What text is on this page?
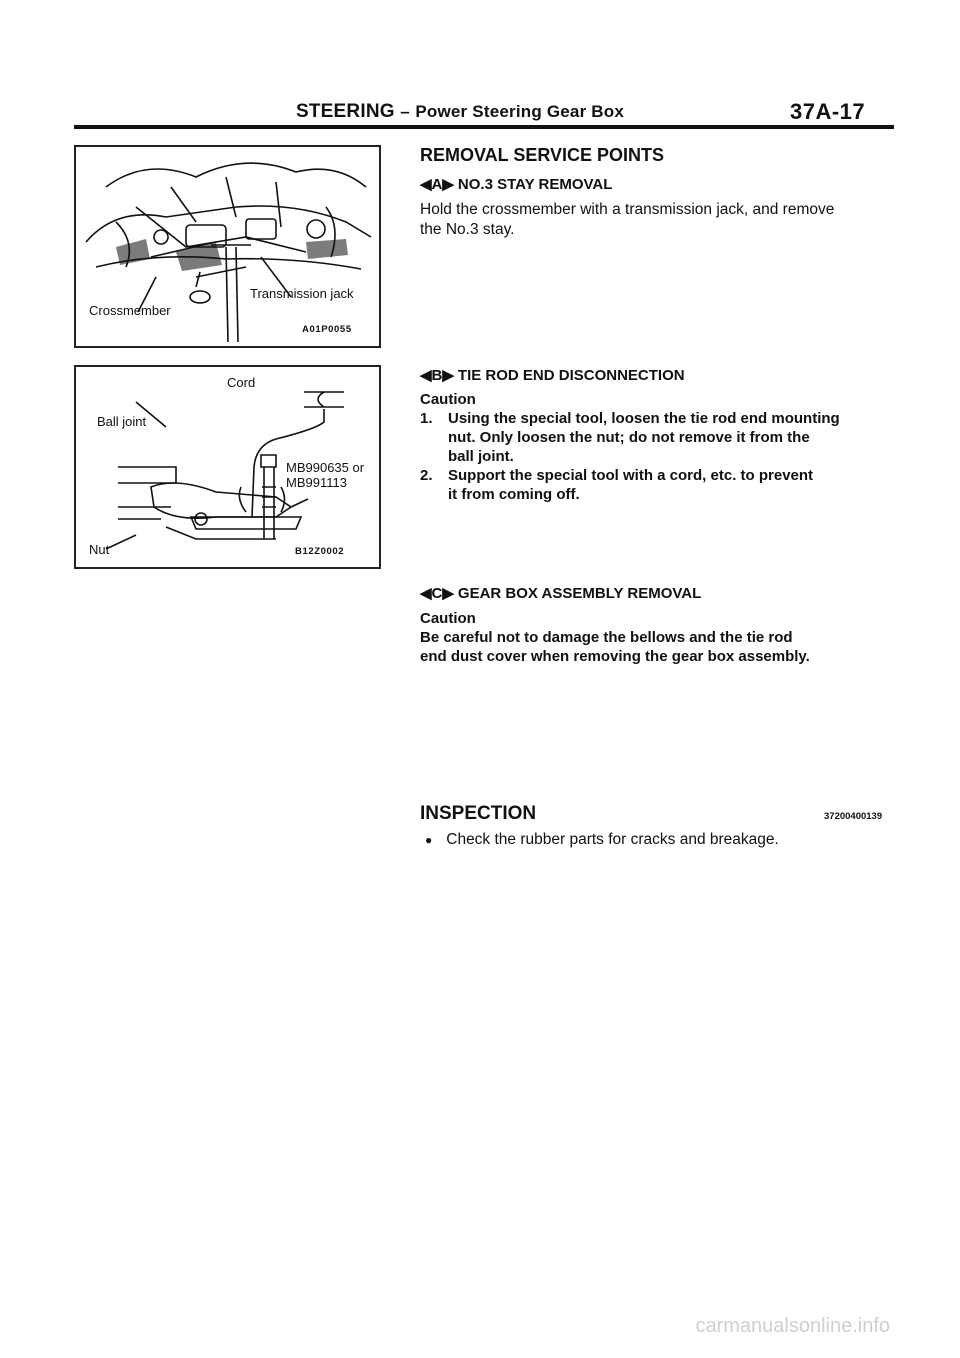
STEERING – Power Steering Gear Box	37A-17
Crossmember
Transmission jack
A01P0055
Cord
Ball joint
MB990635 or
MB991113
Nut	B12Z0002
REMOVAL SERVICE POINTS
◀A▶ NO.3 STAY REMOVAL
Hold the crossmember with a transmission jack, and remove
the No.3 stay.
◀B▶ TIE ROD END DISCONNECTION
Caution
1. Using the special tool, loosen the tie rod end mounting
nut. Only loosen the nut; do not remove it from the
ball joint.
2. Support the special tool with a cord, etc. to prevent
it from coming off.
◀C▶ GEAR BOX ASSEMBLY REMOVAL
Caution
Be careful not to damage the bellows and the tie rod
end dust cover when removing the gear box assembly.
INSPECTION	37200400139
● Check the rubber parts for cracks and breakage.
carmanualsonline.info
